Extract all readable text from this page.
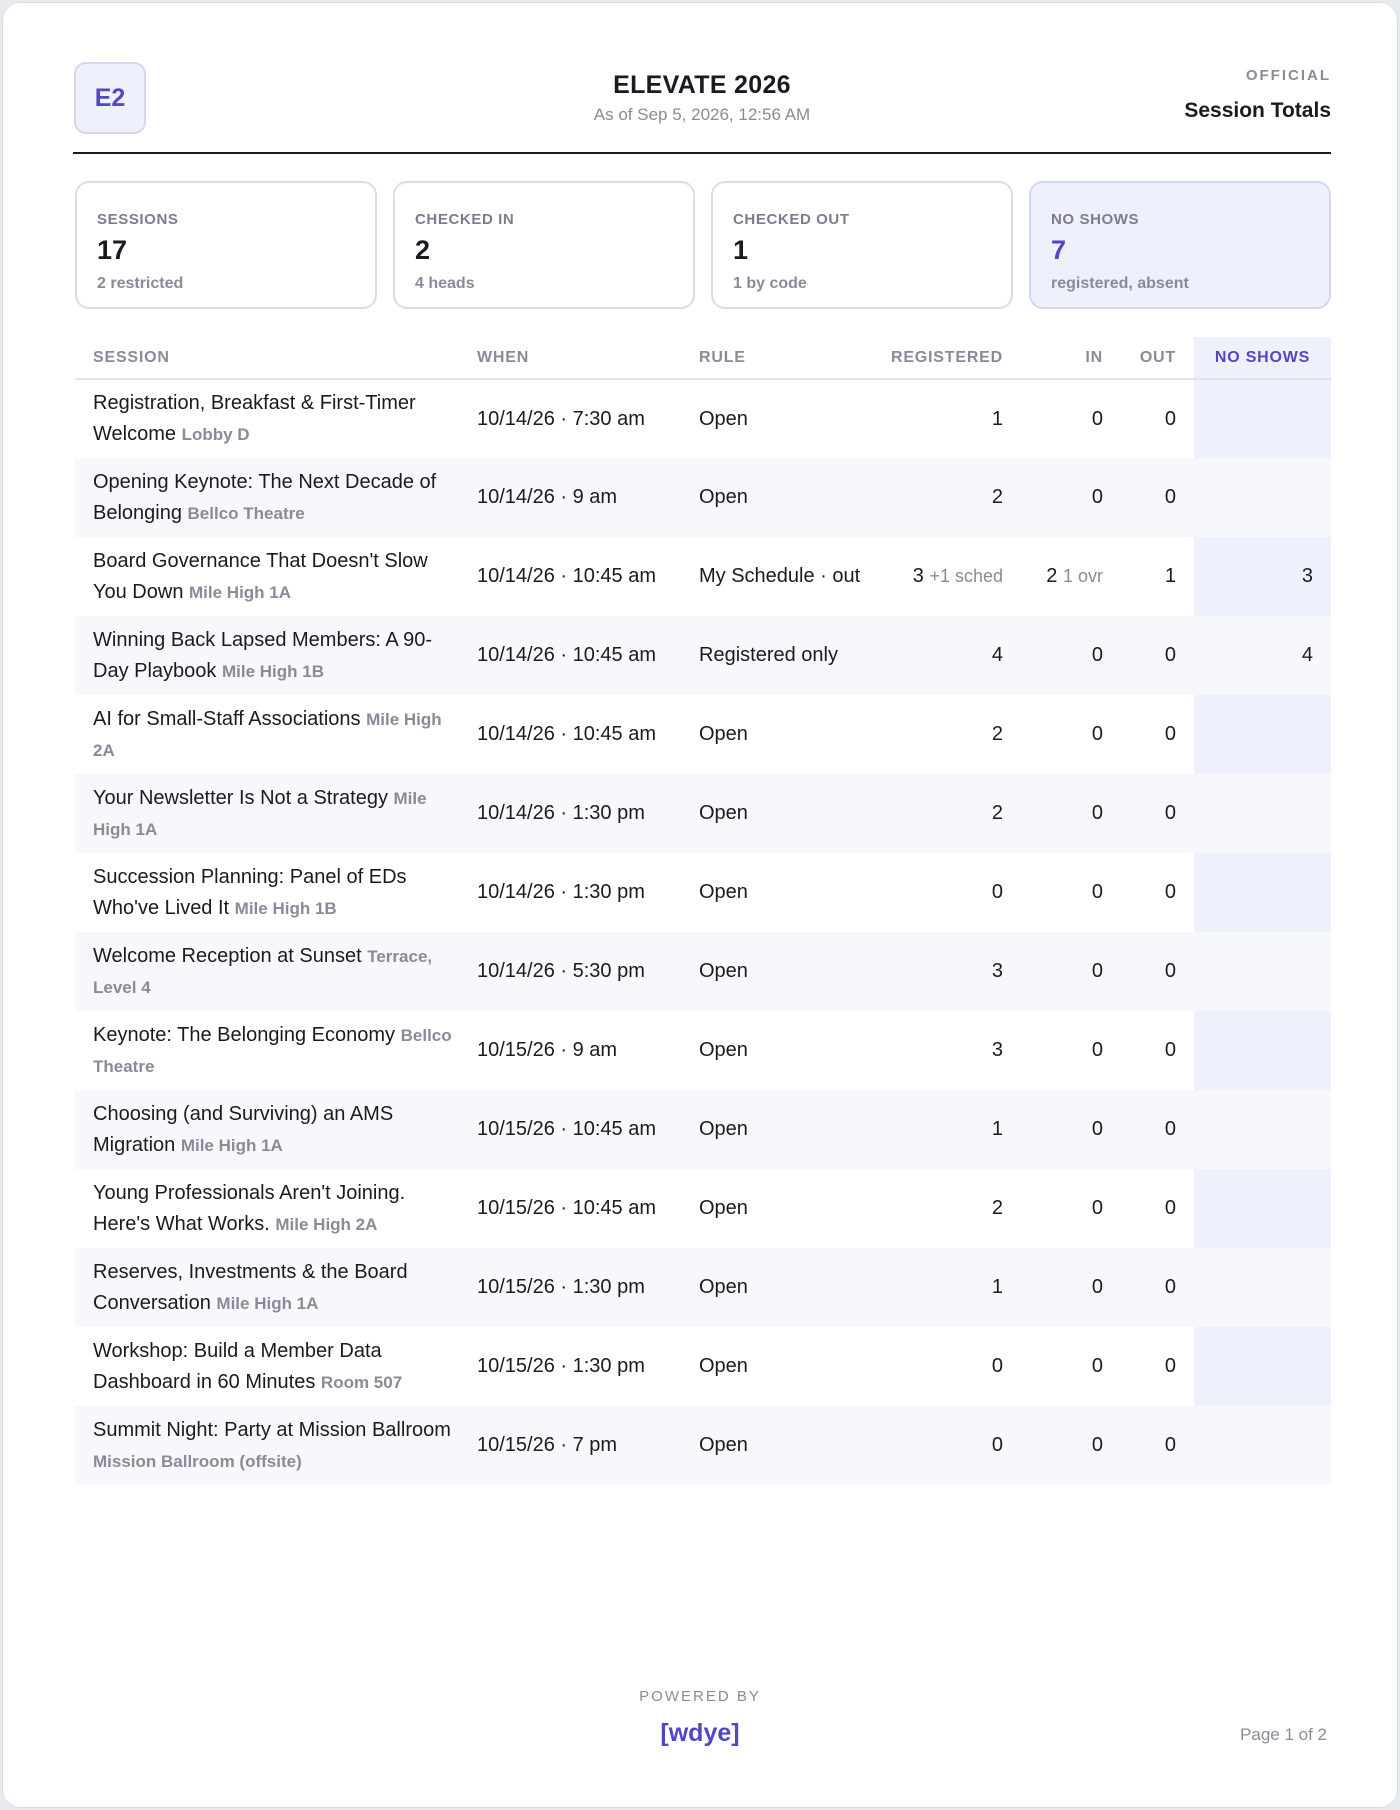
E2	ELEVATE 2026
As of Sep 5, 2026, 12:56 AM
OFFICIAL
Session Totals
SESSIONS
17
2 restricted
CHECKED IN
2
4 heads
CHECKED OUT
1
1 by code
NO SHOWS
7
registered, absent
SESSION	WHEN	RULE	REGISTERED	IN	OUT	NO SHOWS
Registration, Breakfast & First-Timer Welcome Lobby D	10/14/26 · 7:30 am	Open	1	0	0	
Opening Keynote: The Next Decade of Belonging Bellco Theatre	10/14/26 · 9 am	Open	2	0	0	
Board Governance That Doesn't Slow You Down Mile High 1A	10/14/26 · 10:45 am	My Schedule · out	3 +1 sched	2 1 ovr	1	3
Winning Back Lapsed Members: A 90-Day Playbook Mile High 1B	10/14/26 · 10:45 am	Registered only	4	0	0	4
AI for Small-Staff Associations Mile High 2A	10/14/26 · 10:45 am	Open	2	0	0	
Your Newsletter Is Not a Strategy Mile High 1A	10/14/26 · 1:30 pm	Open	2	0	0	
Succession Planning: Panel of EDs Who've Lived It Mile High 1B	10/14/26 · 1:30 pm	Open	0	0	0	
Welcome Reception at Sunset Terrace, Level 4	10/14/26 · 5:30 pm	Open	3	0	0	
Keynote: The Belonging Economy Bellco Theatre	10/15/26 · 9 am	Open	3	0	0	
Choosing (and Surviving) an AMS Migration Mile High 1A	10/15/26 · 10:45 am	Open	1	0	0	
Young Professionals Aren't Joining. Here's What Works. Mile High 2A	10/15/26 · 10:45 am	Open	2	0	0	
Reserves, Investments & the Board Conversation Mile High 1A	10/15/26 · 1:30 pm	Open	1	0	0	
Workshop: Build a Member Data Dashboard in 60 Minutes Room 507	10/15/26 · 1:30 pm	Open	0	0	0	
Summit Night: Party at Mission Ballroom Mission Ballroom (offsite)	10/15/26 · 7 pm	Open	0	0	0	
POWERED BY
[wdye]	Page 1 of 2
